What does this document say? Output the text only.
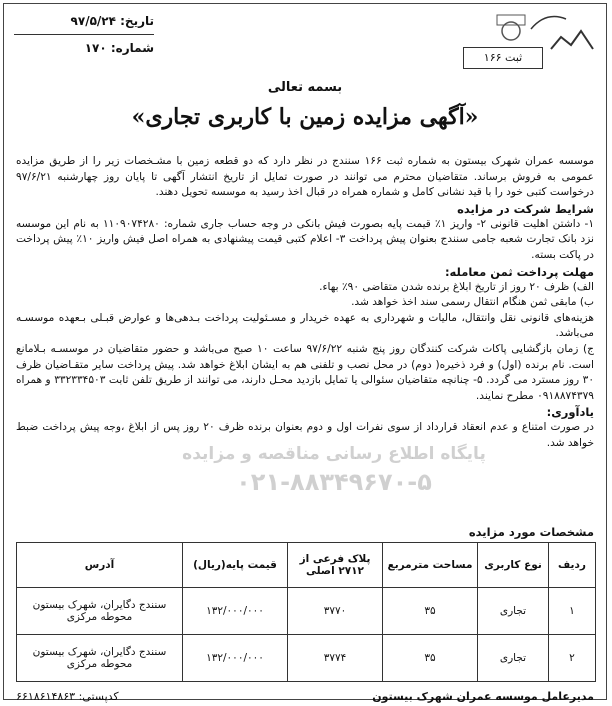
تاریخ: ۹۷/۵/۲۴
شماره: ۱۷۰
ثبت ۱۶۶
بسمه تعالی
«آگهی مزایده زمین با کاربری تجاری»

موسسه عمران شهرک بیستون به شماره ثبت ۱۶۶ سنندج در نظر دارد که دو قطعه زمین با مشـخصات زیر را از طریق مزایده عمومی به فروش برساند. متقاضیان محترم می توانند در صورت تمایل از تاریخ انتشار آگهی تا پایان روز چهارشنبه ۹۷/۶/۲۱ درخواست کتبی خود را با قید نشانی کامل و شماره همراه در قبال اخذ رسید به موسسه تحویل دهند.

شرایط شرکت در مزایده

۱- داشتن اهلیت قانونی ۲- واریز ۱٪ قیمت پایه بصورت فیش بانکی در وجه حساب جاری شماره: ۱۱۰۹۰۷۴۲۸۰ به نام این موسسه نزد بانک تجارت شعبه جامی سنندج بعنوان پیش پرداخت ۳- اعلام کتبی قیمت پیشنهادی به همراه اصل فیش واریز ۱۰٪ پیش پرداخت در پاکت بسته.

مهلت پرداخت ثمن معامله:

الف) ظرف ۲۰ روز از تاریخ ابلاغ برنده شدن متقاضی ۹۰٪ بهاء.

ب) مابقی ثمن هنگام انتقال رسمی سند اخذ خواهد شد.

هزینه‌های قانونی نقل وانتقال، مالیات و شهرداری به عهده خریدار و مسـئولیت پرداخت بـدهی‌ها و عوارض قبـلی بـعهده موسسـه می‌باشد.

ج) زمان بازگشایی پاکات شرکت کنندگان روز پنج شنبه ۹۷/۶/۲۲ ساعت ۱۰ صبح می‌باشد و حضور متقاضیان در موسسـه بـلامانع است. نام برنده (اول) و فرد ذخیره( دوم) در محل نصب و تلفنی هم به ایشان ابلاغ خواهد شد. پیش پرداخت سایر متقـاضیان ظرف ۳۰ روز مسترد می گردد. ۵- چنانچه متقاضیان سئوالی یا تمایل بازدید محـل دارند، می توانند از طریق تلفن ثابت ۳۳۲۳۳۴۵۰۳ و همراه ۰۹۱۸۸۷۴۳۷۹ مطرح نمایند.

یادآوری:

در صورت امتناع و عدم انعقاد قرارداد از سوی نفرات اول و دوم بعنوان برنده ظرف ۲۰ روز پس از ابلاغ ،وجه پیش پرداخت ضبط خواهد شد.

پایگاه اطلاع رسانی مناقصه و مزایده
۰۲۱-۸۸۳۴۹۶۷۰-۵
مشخصات مورد مزایده
ردیف	نوع کاربری	مساحت مترمربع	پلاک فرعی از ۲۷۱۲ اصلی	قیمت پایه(ریال)	آدرس
۱	تجاری	۳۵	۳۷۷۰	۱۳۲/۰۰۰/۰۰۰	سنندج دگایران، شهرک بیستون محوطه مرکزی
۲	تجاری	۳۵	۳۷۷۴	۱۳۲/۰۰۰/۰۰۰	سنندج دگایران، شهرک بیستون محوطه مرکزی
مدیرعامل موسسه عمران شهرک بیستون
کدپستی: ۶۶۱۸۶۱۴۸۶۳
